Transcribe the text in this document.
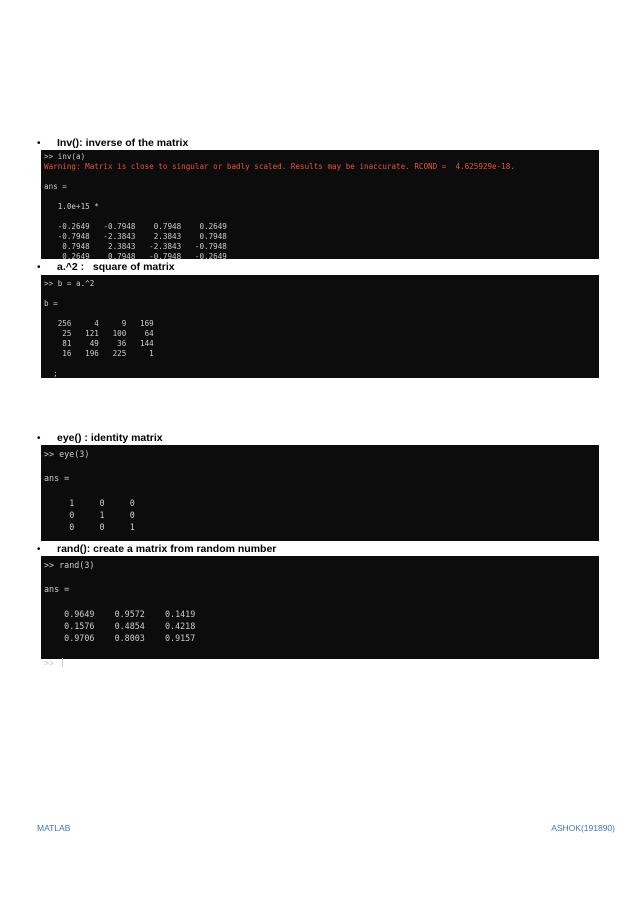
•	Inv(): inverse of the matrix
>> inv(a)
Warning: Matrix is close to singular or badly scaled. Results may be inaccurate. RCOND =  4.625929e-18.

ans =

1.0e+15 *

-0.2649   -0.7948    0.7948    0.2649
-0.7948   -2.3843    2.3843    0.7948
0.7948    2.3843   -2.3843   -0.7948
0.2649    0.7948   -0.7948   -0.2649
•	a.^2 :   square of matrix
>> b = a.^2

b =

256     4     9   169
25   121   100    64
81    49    36   144
16   196   225     1

;
•	eye() : identity matrix
>> eye(3)

ans =

1     0     0
0     1     0
0     0     1
•	rand(): create a matrix from random number
>> rand(3)

ans =

0.9649    0.9572    0.1419
0.1576    0.4854    0.4218
0.9706    0.8003    0.9157

>>
MATLAB	ASHOK(191890)
